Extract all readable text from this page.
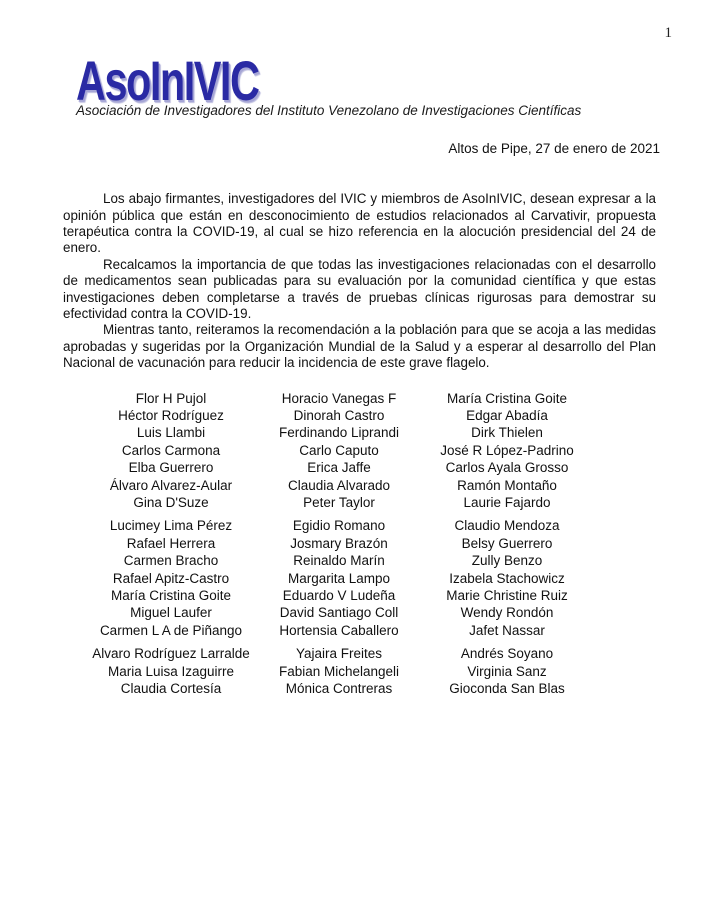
1
AsoInIVIC
Asociación de Investigadores del Instituto Venezolano de Investigaciones Científicas
Altos de Pipe, 27 de enero de 2021

Los abajo firmantes, investigadores del IVIC y miembros de AsoInIVIC, desean expresar a la opinión pública que están en desconocimiento de estudios relacionados al Carvativir, propuesta terapéutica contra la COVID-19, al cual se hizo referencia en la alocución presidencial del 24 de enero.

Recalcamos la importancia de que todas las investigaciones relacionadas con el desarrollo de medicamentos sean publicadas para su evaluación por la comunidad científica y que estas investigaciones deben completarse a través de pruebas clínicas rigurosas para demostrar su efectividad contra la COVID-19.

Mientras tanto, reiteramos la recomendación a la población para que se acoja a las medidas aprobadas y sugeridas por la Organización Mundial de la Salud y a esperar al desarrollo del Plan Nacional de vacunación para reducir la incidencia de este grave flagelo.

Flor H Pujol	Horacio Vanegas F	María Cristina Goite
Héctor Rodríguez	Dinorah Castro	Edgar Abadía
Luis Llambi	Ferdinando Liprandi	Dirk Thielen
Carlos Carmona	Carlo Caputo	José R López-Padrino
Elba Guerrero	Erica Jaffe	Carlos Ayala Grosso
Álvaro Alvarez-Aular	Claudia Alvarado	Ramón Montaño
Gina D'Suze	Peter Taylor	Laurie Fajardo
Lucimey Lima Pérez	Egidio Romano	Claudio Mendoza
Rafael Herrera	Josmary Brazón	Belsy Guerrero
Carmen Bracho	Reinaldo Marín	Zully Benzo
Rafael Apitz-Castro	Margarita Lampo	Izabela Stachowicz
María Cristina Goite	Eduardo V Ludeña	Marie Christine Ruiz
Miguel Laufer	David Santiago Coll	Wendy Rondón
Carmen L A de Piñango	Hortensia Caballero	Jafet Nassar
Alvaro Rodríguez Larralde	Yajaira Freites	Andrés Soyano
Maria Luisa Izaguirre	Fabian Michelangeli	Virginia Sanz
Claudia Cortesía	Mónica Contreras	Gioconda San Blas
